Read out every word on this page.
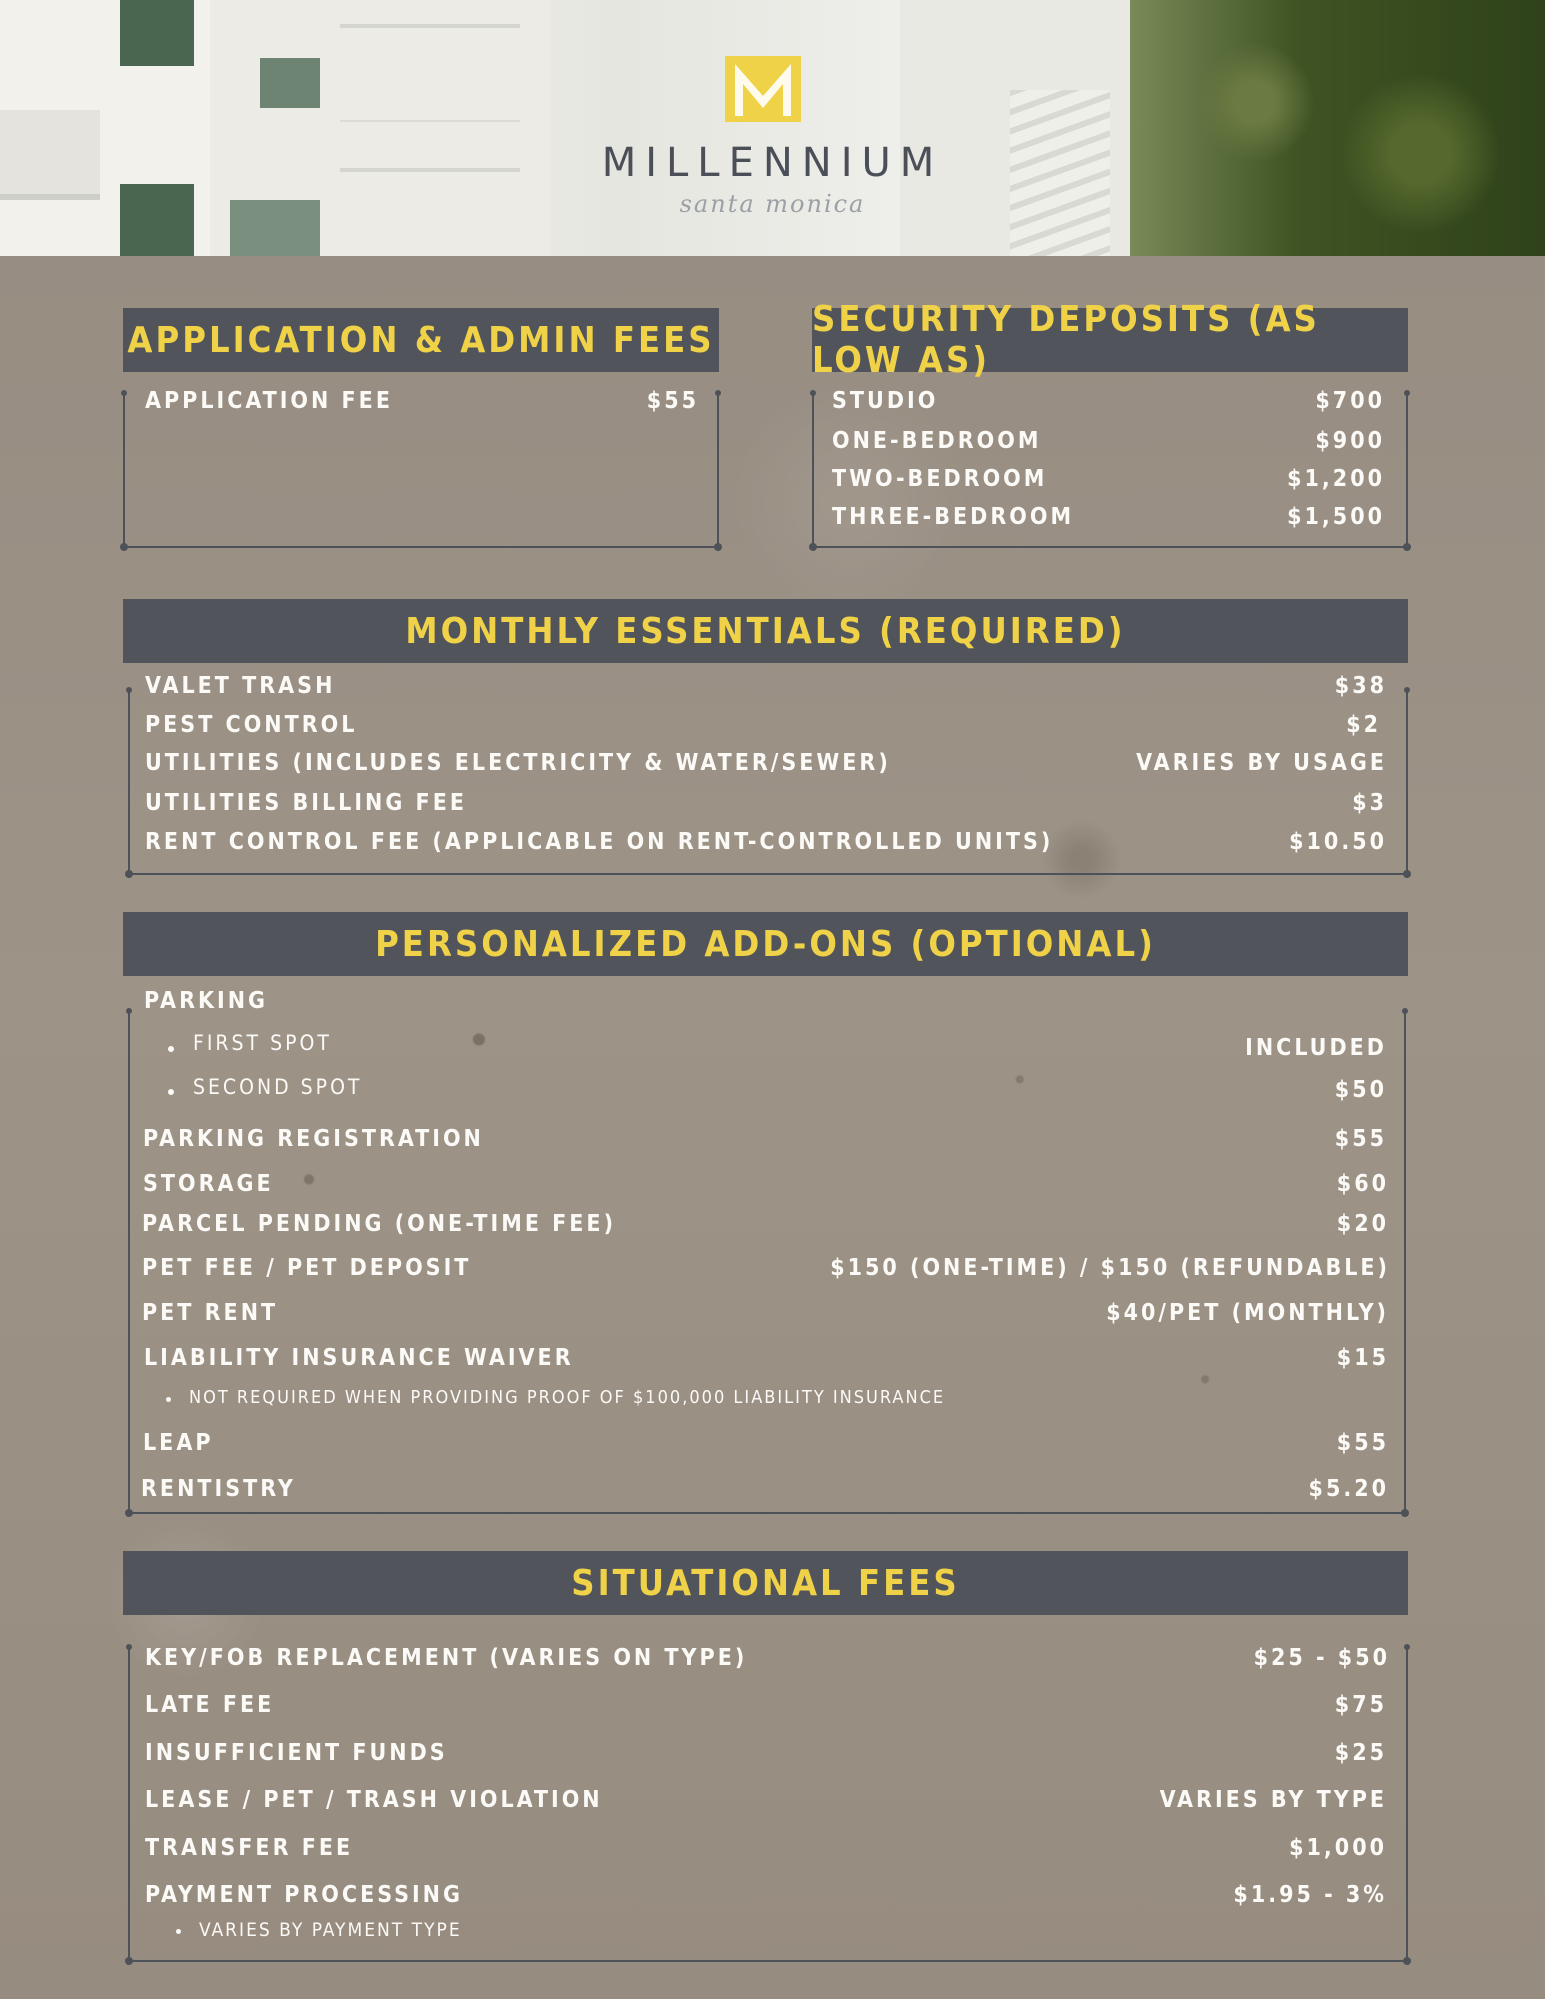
MILLENNIUM
santa monica
APPLICATION & ADMIN FEES
APPLICATION FEE	$55
SECURITY DEPOSITS (AS LOW AS)
STUDIO	$700
ONE-BEDROOM	$900
TWO-BEDROOM	$1,200
THREE-BEDROOM	$1,500
MONTHLY ESSENTIALS (REQUIRED)
VALET TRASH	$38
PEST CONTROL	$2
UTILITIES (INCLUDES ELECTRICITY & WATER/SEWER)	VARIES BY USAGE
UTILITIES BILLING FEE	$3
RENT CONTROL FEE (APPLICABLE ON RENT-CONTROLLED UNITS)	$10.50
PERSONALIZED ADD-ONS (OPTIONAL)
PARKING
FIRST SPOT	INCLUDED
SECOND SPOT	$50
PARKING REGISTRATION	$55
STORAGE	$60
PARCEL PENDING (ONE-TIME FEE)	$20
PET FEE / PET DEPOSIT	$150 (ONE-TIME) / $150 (REFUNDABLE)
PET RENT	$40/PET (MONTHLY)
LIABILITY INSURANCE WAIVER	$15
NOT REQUIRED WHEN PROVIDING PROOF OF $100,000 LIABILITY INSURANCE
LEAP	$55
RENTISTRY	$5.20
SITUATIONAL FEES
KEY/FOB REPLACEMENT (VARIES ON TYPE)	$25 - $50
LATE FEE	$75
INSUFFICIENT FUNDS	$25
LEASE / PET / TRASH VIOLATION	VARIES BY TYPE
TRANSFER FEE	$1,000
PAYMENT PROCESSING	$1.95 - 3%
VARIES BY PAYMENT TYPE
